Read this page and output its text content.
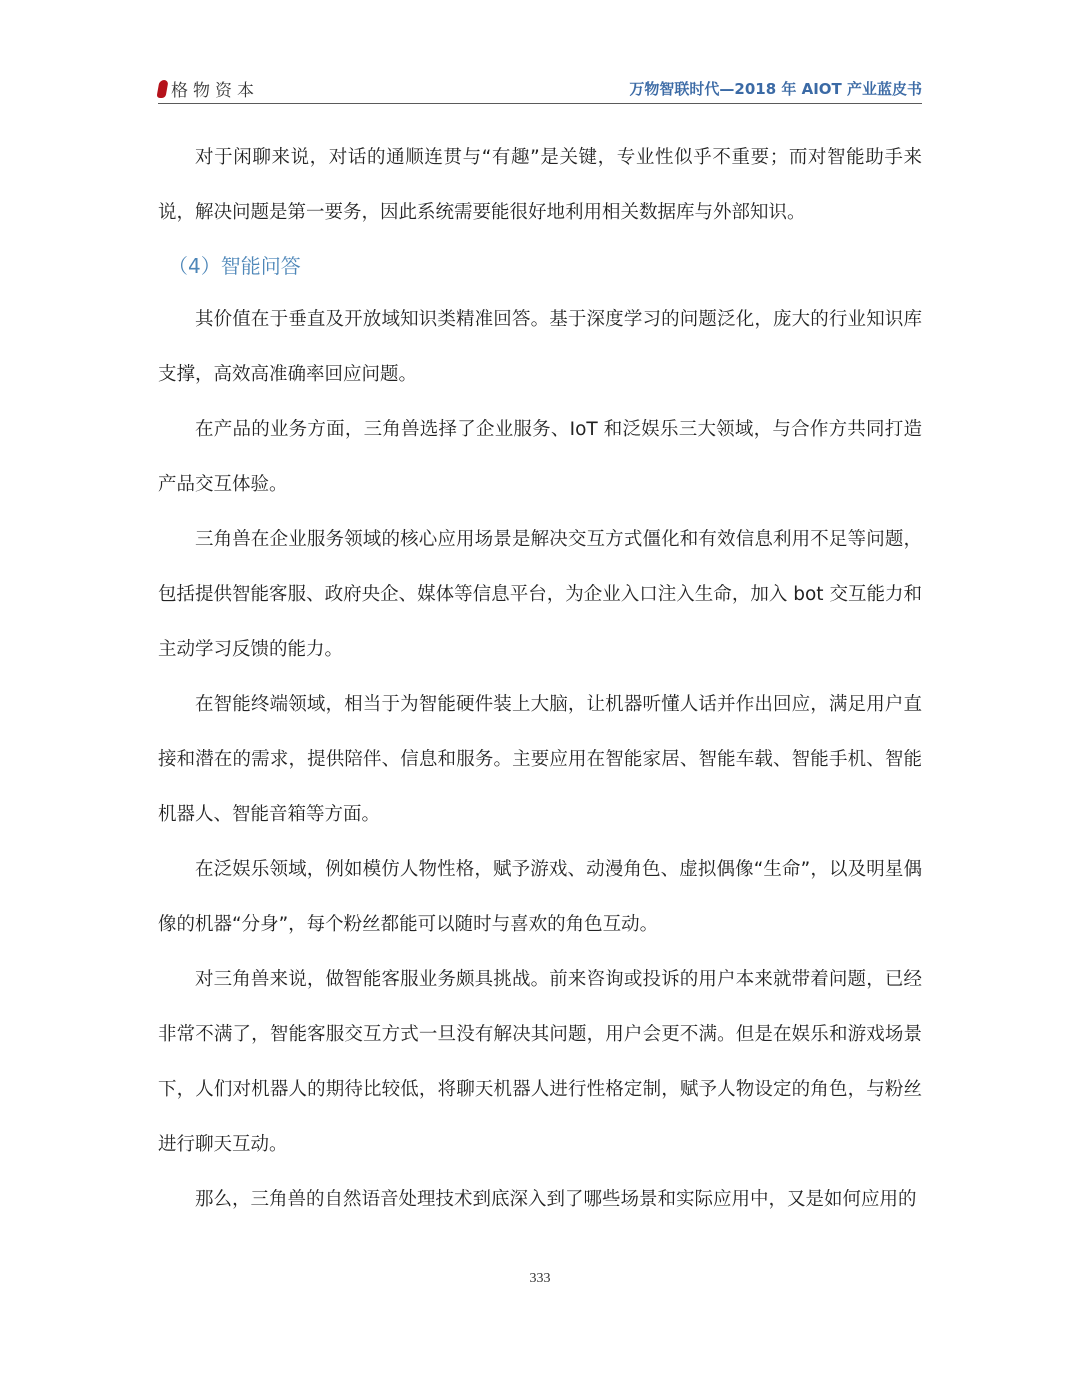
格物资本	万物智联时代—2018 年 AIOT 产业蓝皮书

对于闲聊来说，对话的通顺连贯与“有趣”是关键，专业性似乎不重要；而对智能助手来说，解决问题是第一要务，因此系统需要能很好地利用相关数据库与外部知识。

（4）智能问答

其价值在于垂直及开放域知识类精准回答。基于深度学习的问题泛化，庞大的行业知识库支撑，高效高准确率回应问题。

在产品的业务方面，三角兽选择了企业服务、IoT 和泛娱乐三大领域，与合作方共同打造产品交互体验。

三角兽在企业服务领域的核心应用场景是解决交互方式僵化和有效信息利用不足等问题，包括提供智能客服、政府央企、媒体等信息平台，为企业入口注入生命，加入 bot 交互能力和主动学习反馈的能力。

在智能终端领域，相当于为智能硬件装上大脑，让机器听懂人话并作出回应，满足用户直接和潜在的需求，提供陪伴、信息和服务。主要应用在智能家居、智能车载、智能手机、智能机器人、智能音箱等方面。

在泛娱乐领域，例如模仿人物性格，赋予游戏、动漫角色、虚拟偶像“生命”，以及明星偶像的机器“分身”，每个粉丝都能可以随时与喜欢的角色互动。

对三角兽来说，做智能客服业务颇具挑战。前来咨询或投诉的用户本来就带着问题，已经非常不满了，智能客服交互方式一旦没有解决其问题，用户会更不满。但是在娱乐和游戏场景下，人们对机器人的期待比较低，将聊天机器人进行性格定制，赋予人物设定的角色，与粉丝进行聊天互动。

那么，三角兽的自然语音处理技术到底深入到了哪些场景和实际应用中，又是如何应用的

333
